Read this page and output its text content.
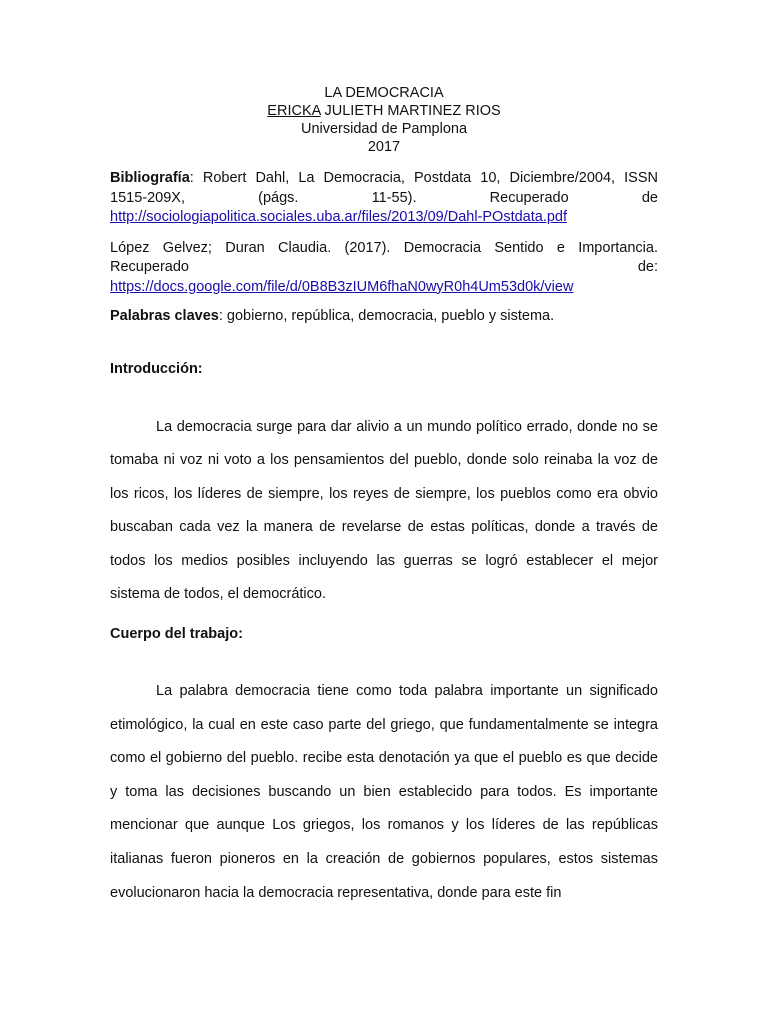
LA DEMOCRACIA
ERICKA JULIETH MARTINEZ RIOS
Universidad de Pamplona
2017

Bibliografía: Robert Dahl, La Democracia, Postdata 10, Diciembre/2004, ISSN 1515-209X, (págs. 11-55). Recuperado de http://sociologiapolitica.sociales.uba.ar/files/2013/09/Dahl-POstdata.pdf

López Gelvez; Duran Claudia. (2017). Democracia Sentido e Importancia. Recuperado de: https://docs.google.com/file/d/0B8B3zIUM6fhaN0wyR0h4Um53d0k/view

Palabras claves: gobierno, república, democracia, pueblo y sistema.

Introducción:

La democracia surge para dar alivio a un mundo político errado, donde no se tomaba ni voz ni voto a los pensamientos del pueblo, donde solo reinaba la voz de los ricos, los líderes de siempre, los reyes de siempre, los pueblos como era obvio buscaban cada vez la manera de revelarse de estas políticas, donde a través de todos los medios posibles incluyendo las guerras se logró establecer el mejor sistema de todos, el democrático.

Cuerpo del trabajo:

La palabra democracia tiene como toda palabra importante un significado etimológico, la cual en este caso parte del griego, que fundamentalmente se integra como el gobierno del pueblo. recibe esta denotación ya que el pueblo es que decide y toma las decisiones buscando un bien establecido para todos. Es importante mencionar que aunque Los griegos, los romanos y los líderes de las repúblicas italianas fueron pioneros en la creación de gobiernos populares, estos sistemas evolucionaron hacia la democracia representativa, donde para este fin
